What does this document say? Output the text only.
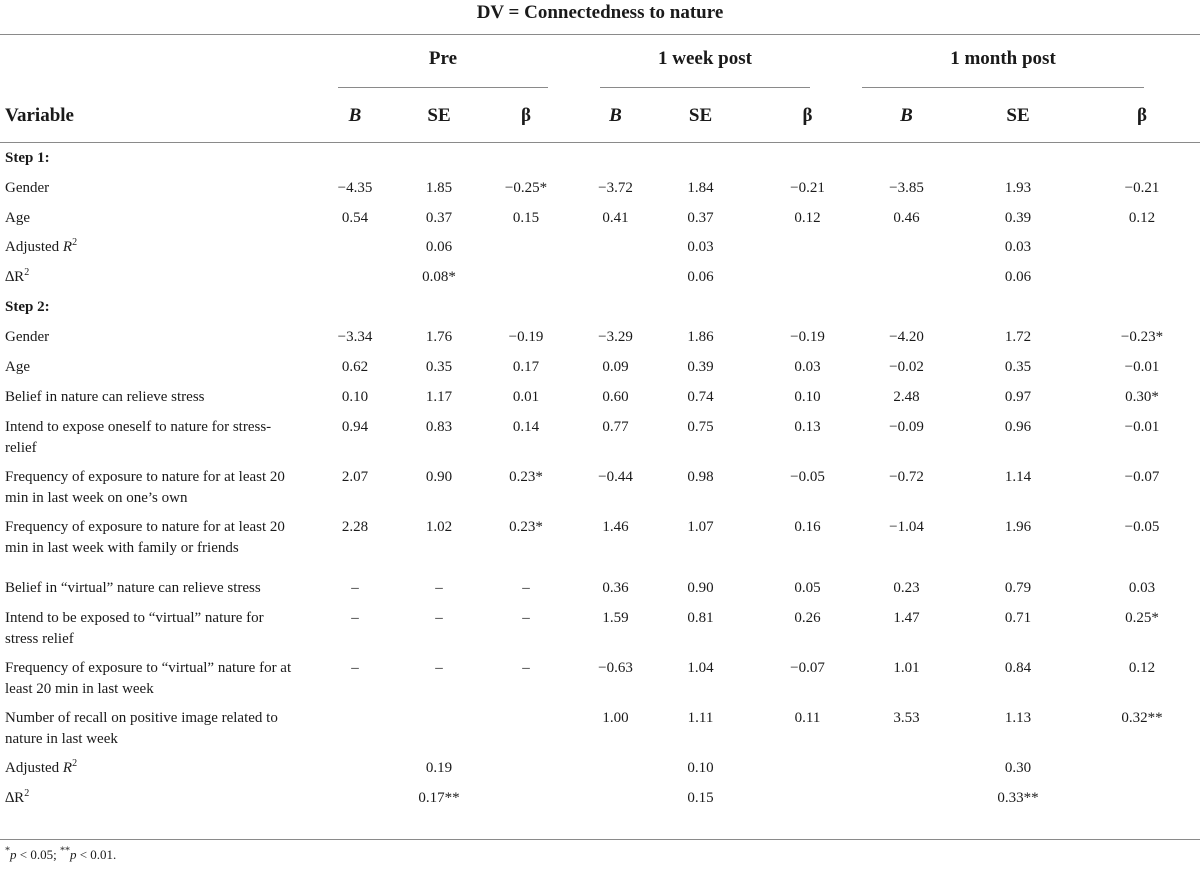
DV = Connectedness to nature
Pre	1 week post	1 month post
Variable	B	SE	β	B	SE	β	B	SE	β

Step 1:									
Gender	−4.35	1.85	−0.25*	−3.72	1.84	−0.21	−3.85	1.93	−0.21
Age	0.54	0.37	0.15	0.41	0.37	0.12	0.46	0.39	0.12
Adjusted $R^2$		0.06			0.03			0.03	
$\Delta R^2$		0.08*			0.06			0.06	
Step 2:									
Gender	−3.34	1.76	−0.19	−3.29	1.86	−0.19	−4.20	1.72	−0.23*
Age	0.62	0.35	0.17	0.09	0.39	0.03	−0.02	0.35	−0.01
Belief in nature can relieve stress	0.10	1.17	0.01	0.60	0.74	0.10	2.48	0.97	0.30*
Intend to expose oneself to nature for stress-relief	0.94	0.83	0.14	0.77	0.75	0.13	−0.09	0.96	−0.01
Frequency of exposure to nature for at least 20 min in last week on one’s own	2.07	0.90	0.23*	−0.44	0.98	−0.05	−0.72	1.14	−0.07
Frequency of exposure to nature for at least 20 min in last week with family or friends	2.28	1.02	0.23*	1.46	1.07	0.16	−1.04	1.96	−0.05
Belief in “virtual” nature can relieve stress	–	–	–	0.36	0.90	0.05	0.23	0.79	0.03
Intend to be exposed to “virtual” nature for stress relief	–	–	–	1.59	0.81	0.26	1.47	0.71	0.25*
Frequency of exposure to “virtual” nature for at least 20 min in last week	–	–	–	−0.63	1.04	−0.07	1.01	0.84	0.12
Number of recall on positive image related to nature in last week				1.00	1.11	0.11	3.53	1.13	0.32**
Adjusted $R^2$		0.19			0.10			0.30	
$\Delta R^2$		0.17**			0.15			0.33**	
*p < 0.05; **p < 0.01.
